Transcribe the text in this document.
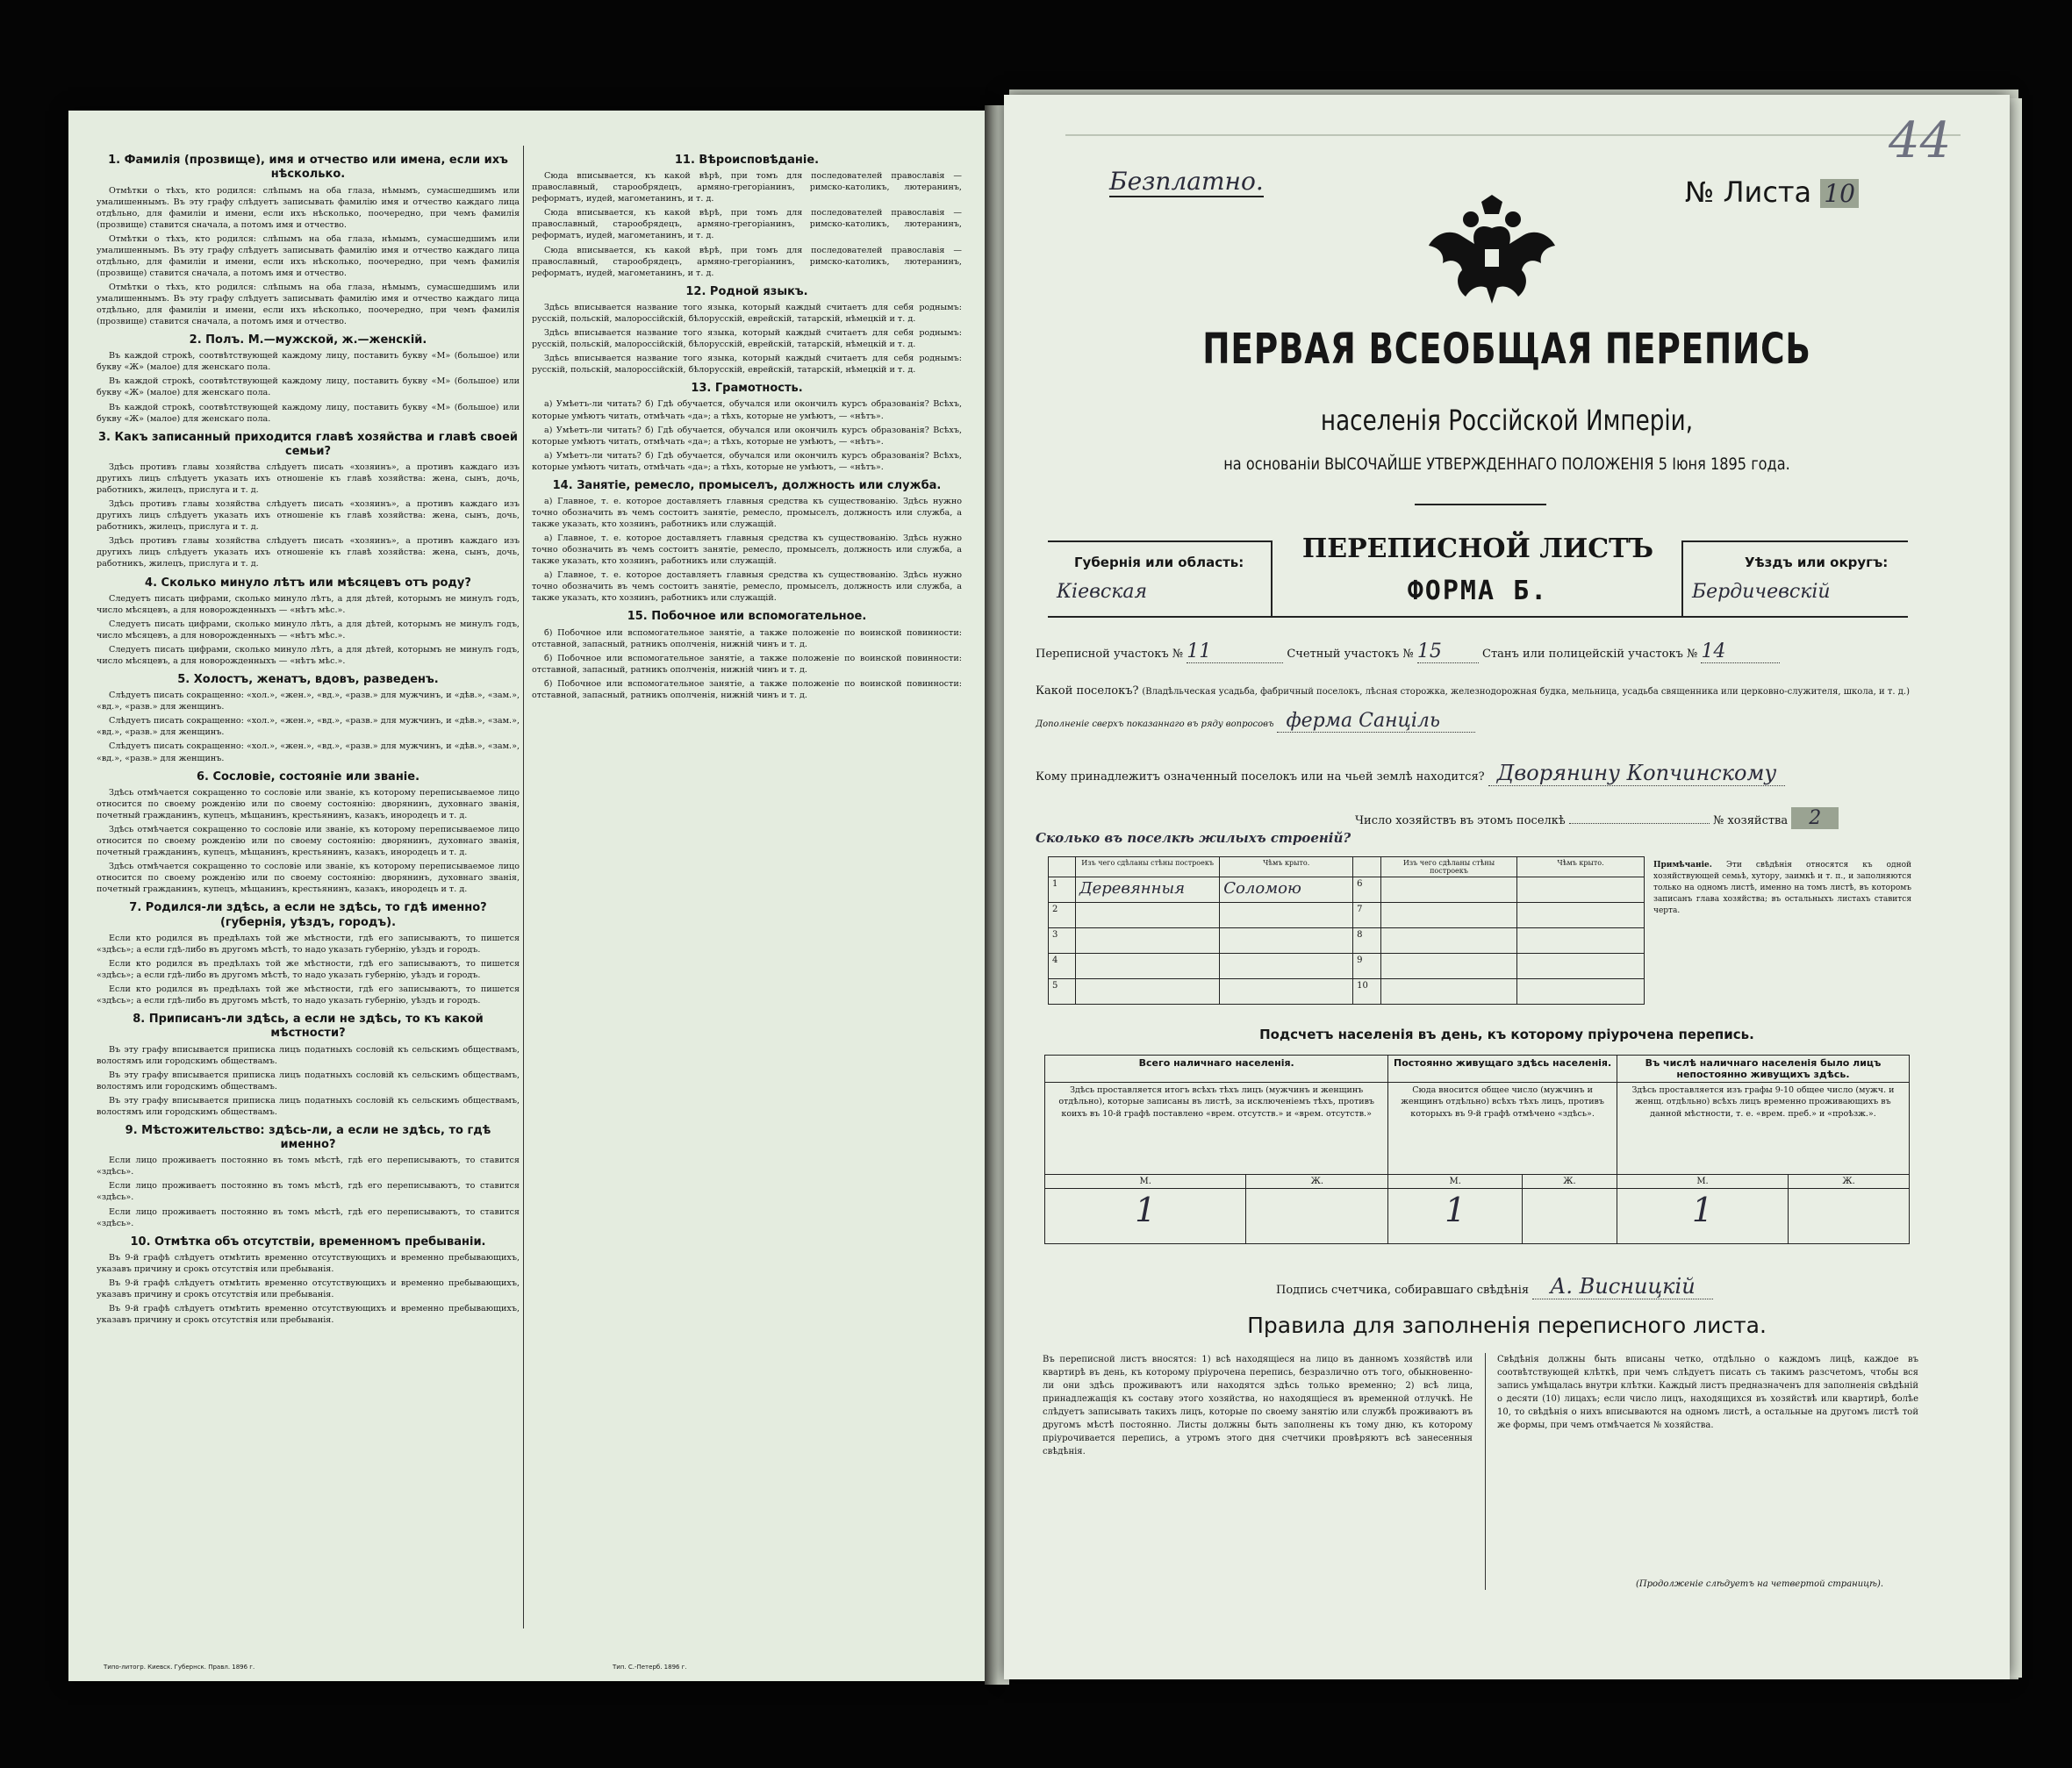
1. Фамилія (прозвище), имя и отчество или имена, если ихъ нѣсколько.
Отмѣтки о тѣхъ, кто родился: слѣпымъ на оба глаза, нѣмымъ, сумасшедшимъ или умалишеннымъ. Въ эту графу слѣдуетъ записывать фамилію имя и отчество каждаго лица отдѣльно, для фамиліи и имени, если ихъ нѣсколько, поочередно, при чемъ фамилія (прозвище) ставится сначала, а потомъ имя и отчество.
Отмѣтки о тѣхъ, кто родился: слѣпымъ на оба глаза, нѣмымъ, сумасшедшимъ или умалишеннымъ. Въ эту графу слѣдуетъ записывать фамилію имя и отчество каждаго лица отдѣльно, для фамиліи и имени, если ихъ нѣсколько, поочередно, при чемъ фамилія (прозвище) ставится сначала, а потомъ имя и отчество.
Отмѣтки о тѣхъ, кто родился: слѣпымъ на оба глаза, нѣмымъ, сумасшедшимъ или умалишеннымъ. Въ эту графу слѣдуетъ записывать фамилію имя и отчество каждаго лица отдѣльно, для фамиліи и имени, если ихъ нѣсколько, поочередно, при чемъ фамилія (прозвище) ставится сначала, а потомъ имя и отчество.
2. Полъ. М.—мужской, ж.—женскій.
Въ каждой строкѣ, соотвѣтствующей каждому лицу, поставить букву «М» (большое) или букву «Ж» (малое) для женскаго пола.
Въ каждой строкѣ, соотвѣтствующей каждому лицу, поставить букву «М» (большое) или букву «Ж» (малое) для женскаго пола.
Въ каждой строкѣ, соотвѣтствующей каждому лицу, поставить букву «М» (большое) или букву «Ж» (малое) для женскаго пола.
3. Какъ записанный приходится главѣ хозяйства и главѣ своей семьи?
Здѣсь противъ главы хозяйства слѣдуетъ писать «хозяинъ», а противъ каждаго изъ другихъ лицъ слѣдуетъ указать ихъ отношеніе къ главѣ хозяйства: жена, сынъ, дочь, работникъ, жилецъ, прислуга и т. д.
Здѣсь противъ главы хозяйства слѣдуетъ писать «хозяинъ», а противъ каждаго изъ другихъ лицъ слѣдуетъ указать ихъ отношеніе къ главѣ хозяйства: жена, сынъ, дочь, работникъ, жилецъ, прислуга и т. д.
Здѣсь противъ главы хозяйства слѣдуетъ писать «хозяинъ», а противъ каждаго изъ другихъ лицъ слѣдуетъ указать ихъ отношеніе къ главѣ хозяйства: жена, сынъ, дочь, работникъ, жилецъ, прислуга и т. д.
4. Сколько минуло лѣтъ или мѣсяцевъ отъ роду?
Следуетъ писать цифрами, сколько минуло лѣтъ, а для дѣтей, которымъ не минулъ годъ, число мѣсяцевъ, а для новорожденныхъ — «нѣтъ мѣс.».
Следуетъ писать цифрами, сколько минуло лѣтъ, а для дѣтей, которымъ не минулъ годъ, число мѣсяцевъ, а для новорожденныхъ — «нѣтъ мѣс.».
Следуетъ писать цифрами, сколько минуло лѣтъ, а для дѣтей, которымъ не минулъ годъ, число мѣсяцевъ, а для новорожденныхъ — «нѣтъ мѣс.».
5. Холостъ, женатъ, вдовъ, разведенъ.
Слѣдуетъ писать сокращенно: «хол.», «жен.», «вд.», «разв.» для мужчинъ, и «дѣв.», «зам.», «вд.», «разв.» для женщинъ.
Слѣдуетъ писать сокращенно: «хол.», «жен.», «вд.», «разв.» для мужчинъ, и «дѣв.», «зам.», «вд.», «разв.» для женщинъ.
Слѣдуетъ писать сокращенно: «хол.», «жен.», «вд.», «разв.» для мужчинъ, и «дѣв.», «зам.», «вд.», «разв.» для женщинъ.
6. Сословіе, состояніе или званіе.
Здѣсь отмѣчается сокращенно то сословіе или званіе, къ которому переписываемое лицо относится по своему рожденію или по своему состоянію: дворянинъ, духовнаго званія, почетный гражданинъ, купецъ, мѣщанинъ, крестьянинъ, казакъ, инородецъ и т. д.
Здѣсь отмѣчается сокращенно то сословіе или званіе, къ которому переписываемое лицо относится по своему рожденію или по своему состоянію: дворянинъ, духовнаго званія, почетный гражданинъ, купецъ, мѣщанинъ, крестьянинъ, казакъ, инородецъ и т. д.
Здѣсь отмѣчается сокращенно то сословіе или званіе, къ которому переписываемое лицо относится по своему рожденію или по своему состоянію: дворянинъ, духовнаго званія, почетный гражданинъ, купецъ, мѣщанинъ, крестьянинъ, казакъ, инородецъ и т. д.
7. Родился-ли здѣсь, а если не здѣсь, то гдѣ именно? (губернія, уѣздъ, городъ).
Если кто родился въ предѣлахъ той же мѣстности, гдѣ его записываютъ, то пишется «здѣсь»; а если гдѣ-либо въ другомъ мѣстѣ, то надо указать губернію, уѣздъ и городъ.
Если кто родился въ предѣлахъ той же мѣстности, гдѣ его записываютъ, то пишется «здѣсь»; а если гдѣ-либо въ другомъ мѣстѣ, то надо указать губернію, уѣздъ и городъ.
Если кто родился въ предѣлахъ той же мѣстности, гдѣ его записываютъ, то пишется «здѣсь»; а если гдѣ-либо въ другомъ мѣстѣ, то надо указать губернію, уѣздъ и городъ.
8. Приписанъ-ли здѣсь, а если не здѣсь, то къ какой мѣстности?
Въ эту графу вписывается приписка лицъ податныхъ сословій къ сельскимъ обществамъ, волостямъ или городскимъ обществамъ.
Въ эту графу вписывается приписка лицъ податныхъ сословій къ сельскимъ обществамъ, волостямъ или городскимъ обществамъ.
Въ эту графу вписывается приписка лицъ податныхъ сословій къ сельскимъ обществамъ, волостямъ или городскимъ обществамъ.
9. Мѣстожительство: здѣсь-ли, а если не здѣсь, то гдѣ именно?
Если лицо проживаетъ постоянно въ томъ мѣстѣ, гдѣ его переписываютъ, то ставится «здѣсь».
Если лицо проживаетъ постоянно въ томъ мѣстѣ, гдѣ его переписываютъ, то ставится «здѣсь».
Если лицо проживаетъ постоянно въ томъ мѣстѣ, гдѣ его переписываютъ, то ставится «здѣсь».
10. Отмѣтка объ отсутствіи, временномъ пребываніи.
Въ 9-й графѣ слѣдуетъ отмѣтить временно отсутствующихъ и временно пребывающихъ, указавъ причину и срокъ отсутствія или пребыванія.
Въ 9-й графѣ слѣдуетъ отмѣтить временно отсутствующихъ и временно пребывающихъ, указавъ причину и срокъ отсутствія или пребыванія.
Въ 9-й графѣ слѣдуетъ отмѣтить временно отсутствующихъ и временно пребывающихъ, указавъ причину и срокъ отсутствія или пребыванія.
11. Вѣроисповѣданіе.
Сюда вписывается, къ какой вѣрѣ, при томъ для последователей православія — православный, старообрядецъ, армяно-грегоріанинъ, римско-католикъ, лютеранинъ, реформатъ, иудей, магометанинъ, и т. д.
Сюда вписывается, къ какой вѣрѣ, при томъ для последователей православія — православный, старообрядецъ, армяно-грегоріанинъ, римско-католикъ, лютеранинъ, реформатъ, иудей, магометанинъ, и т. д.
Сюда вписывается, къ какой вѣрѣ, при томъ для последователей православія — православный, старообрядецъ, армяно-грегоріанинъ, римско-католикъ, лютеранинъ, реформатъ, иудей, магометанинъ, и т. д.
12. Родной языкъ.
Здѣсь вписывается название того языка, который каждый считаетъ для себя роднымъ: русскій, польскій, малороссійскій, бѣлорусскій, еврейскій, татарскій, нѣмецкій и т. д.
Здѣсь вписывается название того языка, который каждый считаетъ для себя роднымъ: русскій, польскій, малороссійскій, бѣлорусскій, еврейскій, татарскій, нѣмецкій и т. д.
Здѣсь вписывается название того языка, который каждый считаетъ для себя роднымъ: русскій, польскій, малороссійскій, бѣлорусскій, еврейскій, татарскій, нѣмецкій и т. д.
13. Грамотность.
а) Умѣетъ-ли читать? б) Гдѣ обучается, обучался или окончилъ курсъ образованія? Всѣхъ, которые умѣютъ читать, отмѣчать «да»; а тѣхъ, которые не умѣютъ, — «нѣтъ».
а) Умѣетъ-ли читать? б) Гдѣ обучается, обучался или окончилъ курсъ образованія? Всѣхъ, которые умѣютъ читать, отмѣчать «да»; а тѣхъ, которые не умѣютъ, — «нѣтъ».
а) Умѣетъ-ли читать? б) Гдѣ обучается, обучался или окончилъ курсъ образованія? Всѣхъ, которые умѣютъ читать, отмѣчать «да»; а тѣхъ, которые не умѣютъ, — «нѣтъ».
14. Занятіе, ремесло, промыселъ, должность или служба.
а) Главное, т. е. которое доставляетъ главныя средства къ существованію. Здѣсь нужно точно обозначить въ чемъ состоитъ занятіе, ремесло, промыселъ, должность или служба, а также указать, кто хозяинъ, работникъ или служащій.
а) Главное, т. е. которое доставляетъ главныя средства къ существованію. Здѣсь нужно точно обозначить въ чемъ состоитъ занятіе, ремесло, промыселъ, должность или служба, а также указать, кто хозяинъ, работникъ или служащій.
а) Главное, т. е. которое доставляетъ главныя средства къ существованію. Здѣсь нужно точно обозначить въ чемъ состоитъ занятіе, ремесло, промыселъ, должность или служба, а также указать, кто хозяинъ, работникъ или служащій.
15. Побочное или вспомогательное.
б) Побочное или вспомогательное занятіе, а также положеніе по воинской повинности: отставной, запасный, ратникъ ополченія, нижній чинъ и т. д.
б) Побочное или вспомогательное занятіе, а также положеніе по воинской повинности: отставной, запасный, ратникъ ополченія, нижній чинъ и т. д.
б) Побочное или вспомогательное занятіе, а также положеніе по воинской повинности: отставной, запасный, ратникъ ополченія, нижній чинъ и т. д.
Типо-литогр. Киевск. Губернск. Правл. 1896 г.	Тип. С.-Петерб. 1896 г.
Безплатно.	№ Листа 10
44
ПЕРВАЯ ВСЕОБЩАЯ ПЕРЕПИСЬ
населенія Россійской Имперіи,
на основаніи ВЫСОЧАЙШЕ УТВЕРЖДЕННАГО ПОЛОЖЕНІЯ 5 Іюня 1895 года.
Губернія или область:
Кіевская
ПЕРЕПИСНОЙ ЛИСТЪ
ФОРМА Б.
Уѣздъ или округъ:
Бердичевскій
Переписной участокъ № 11	Счетный участокъ № 15	Станъ или полицейскій участокъ № 14
Какой поселокъ? (Владѣльческая усадьба, фабричный поселокъ, лѣсная сторожка, железнодорожная будка, мельница, усадьба священника или церковно-служителя, школа, и т. д.) Дополненіе сверхъ показаннаго въ ряду вопросовъ ферма Санціль
Кому принадлежитъ означенный поселокъ или на чьей землѣ находится? Дворянину Копчинскому
Число хозяйствъ въ этомъ поселкѣ	№ хозяйства 2
Сколько въ поселкѣ жилыхъ строеній?
	Изъ чего сдѣланы стѣны построекъ	Чѣмъ крыто.		Изъ чего сдѣланы стѣны построекъ	Чѣмъ крыто.
1	Деревянныя	Соломою	6		
2			7		
3			8		
4			9		
5			10		
Примѣчаніе. Эти свѣдѣнія относятся къ одной хозяйствующей семьѣ, хутору, заимкѣ и т. п., и заполняются только на одномъ листѣ, именно на томъ листѣ, въ которомъ записанъ глава хозяйства; въ остальныхъ листахъ ставится черта.
Подсчетъ населенія въ день, къ которому пріурочена перепись.
Всего наличнаго населенія.		Постоянно живущаго здѣсь населенія.		Въ числѣ наличнаго населенія было лицъ непостоянно живущихъ здѣсь.	
Здѣсь проставляется итогъ всѣхъ тѣхъ лицъ (мужчинъ и женщинъ отдѣльно), которые записаны въ листѣ, за исключеніемъ тѣхъ, противъ коихъ въ 10-й графѣ поставлено «врем. отсутств.» и «врем. отсутств.»		Сюда вносится общее число (мужчинъ и женщинъ отдѣльно) всѣхъ тѣхъ лицъ, противъ которыхъ въ 9-й графѣ отмѣчено «здѣсь».		Здѣсь проставляется изъ графы 9-10 общее число (мужч. и женщ. отдѣльно) всѣхъ лицъ временно проживающихъ въ данной мѣстности, т. е. «врем. преб.» и «проѣзж.».	
М.	Ж.	М.	Ж.	М.	Ж.
1		1		1	
Подпись счетчика, собиравшаго свѣдѣнія А. Висницкій
Правила для заполненія переписного листа.
Въ переписной листъ вносятся: 1) всѣ находящіеся на лицо въ данномъ хозяйствѣ или квартирѣ въ день, къ которому пріурочена перепись, безразлично отъ того, обыкновенно-ли они здѣсь проживаютъ или находятся здѣсь только временно; 2) всѣ лица, принадлежащія къ составу этого хозяйства, но находящіеся въ временной отлучкѣ. Не слѣдуетъ записывать такихъ лицъ, которые по своему занятію или службѣ проживаютъ въ другомъ мѣстѣ постоянно. Листы должны быть заполнены къ тому дню, къ которому пріурочивается перепись, а утромъ этого дня счетчики провѣряютъ всѣ занесенныя свѣдѣнія.
Свѣдѣнія должны быть вписаны четко, отдѣльно о каждомъ лицѣ, каждое въ соотвѣтствующей клѣткѣ, при чемъ слѣдуетъ писать съ такимъ разсчетомъ, чтобы вся запись умѣщалась внутри клѣтки. Каждый листъ предназначенъ для заполненія свѣдѣній о десяти (10) лицахъ; если число лицъ, находящихся въ хозяйствѣ или квартирѣ, болѣе 10, то свѣдѣнія о нихъ вписываются на одномъ листѣ, а остальные на другомъ листѣ той же формы, при чемъ отмѣчается № хозяйства.
(Продолженіе слѣдуетъ на четвертой страницѣ).
